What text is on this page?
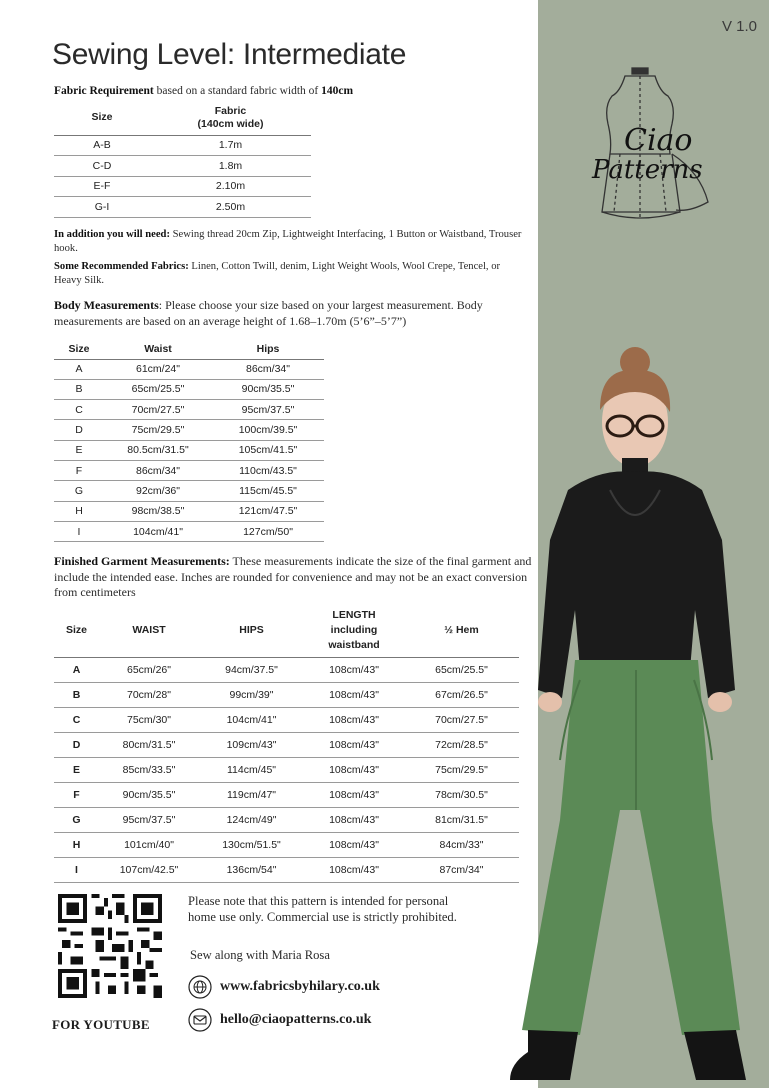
V 1.0
Ciao
Patterns
Sewing Level: Intermediate

Fabric Requirement based on a standard fabric width of 140cm

Size	Fabric
(140cm wide)
A-B	1.7m
C-D	1.8m
E-F	2.10m
G-I	2.50m

In addition you will need: Sewing thread 20cm Zip, Lightweight Interfacing, 1 Button or Waistband, Trouser hook.

Some Recommended Fabrics: Linen, Cotton Twill, denim, Light Weight Wools, Wool Crepe, Tencel, or Heavy Silk.

Body Measurements: Please choose your size based on your largest measurement. Body measurements are based on an average height of 1.68–1.70m (5’6”–5’7”)

Size	Waist	Hips
A	61cm/24"	86cm/34"
B	65cm/25.5"	90cm/35.5"
C	70cm/27.5"	95cm/37.5"
D	75cm/29.5"	100cm/39.5"
E	80.5cm/31.5"	105cm/41.5"
F	86cm/34"	110cm/43.5"
G	92cm/36"	115cm/45.5"
H	98cm/38.5"	121cm/47.5"
I	104cm/41"	127cm/50"

Finished Garment Measurements: These measurements indicate the size of the final garment and include the intended ease. Inches are rounded for convenience and may not be an exact conversion from centimeters

Size	WAIST	HIPS	LENGTH
including
waistband	½ Hem
A	65cm/26"	94cm/37.5"	108cm/43"	65cm/25.5"
B	70cm/28"	99cm/39"	108cm/43"	67cm/26.5"
C	75cm/30"	104cm/41"	108cm/43"	70cm/27.5"
D	80cm/31.5"	109cm/43"	108cm/43"	72cm/28.5"
E	85cm/33.5"	114cm/45"	108cm/43"	75cm/29.5"
F	90cm/35.5"	119cm/47"	108cm/43"	78cm/30.5"
G	95cm/37.5"	124cm/49"	108cm/43"	81cm/31.5"
H	101cm/40"	130cm/51.5"	108cm/43"	84cm/33"
I	107cm/42.5"	136cm/54"	108cm/43"	87cm/34"
FOR YOUTUBE

Please note that this pattern is intended for personal home use only. Commercial use is strictly prohibited.

Sew along with Maria Rosa

www.fabricsbyhilary.co.uk
hello@ciaopatterns.co.uk
